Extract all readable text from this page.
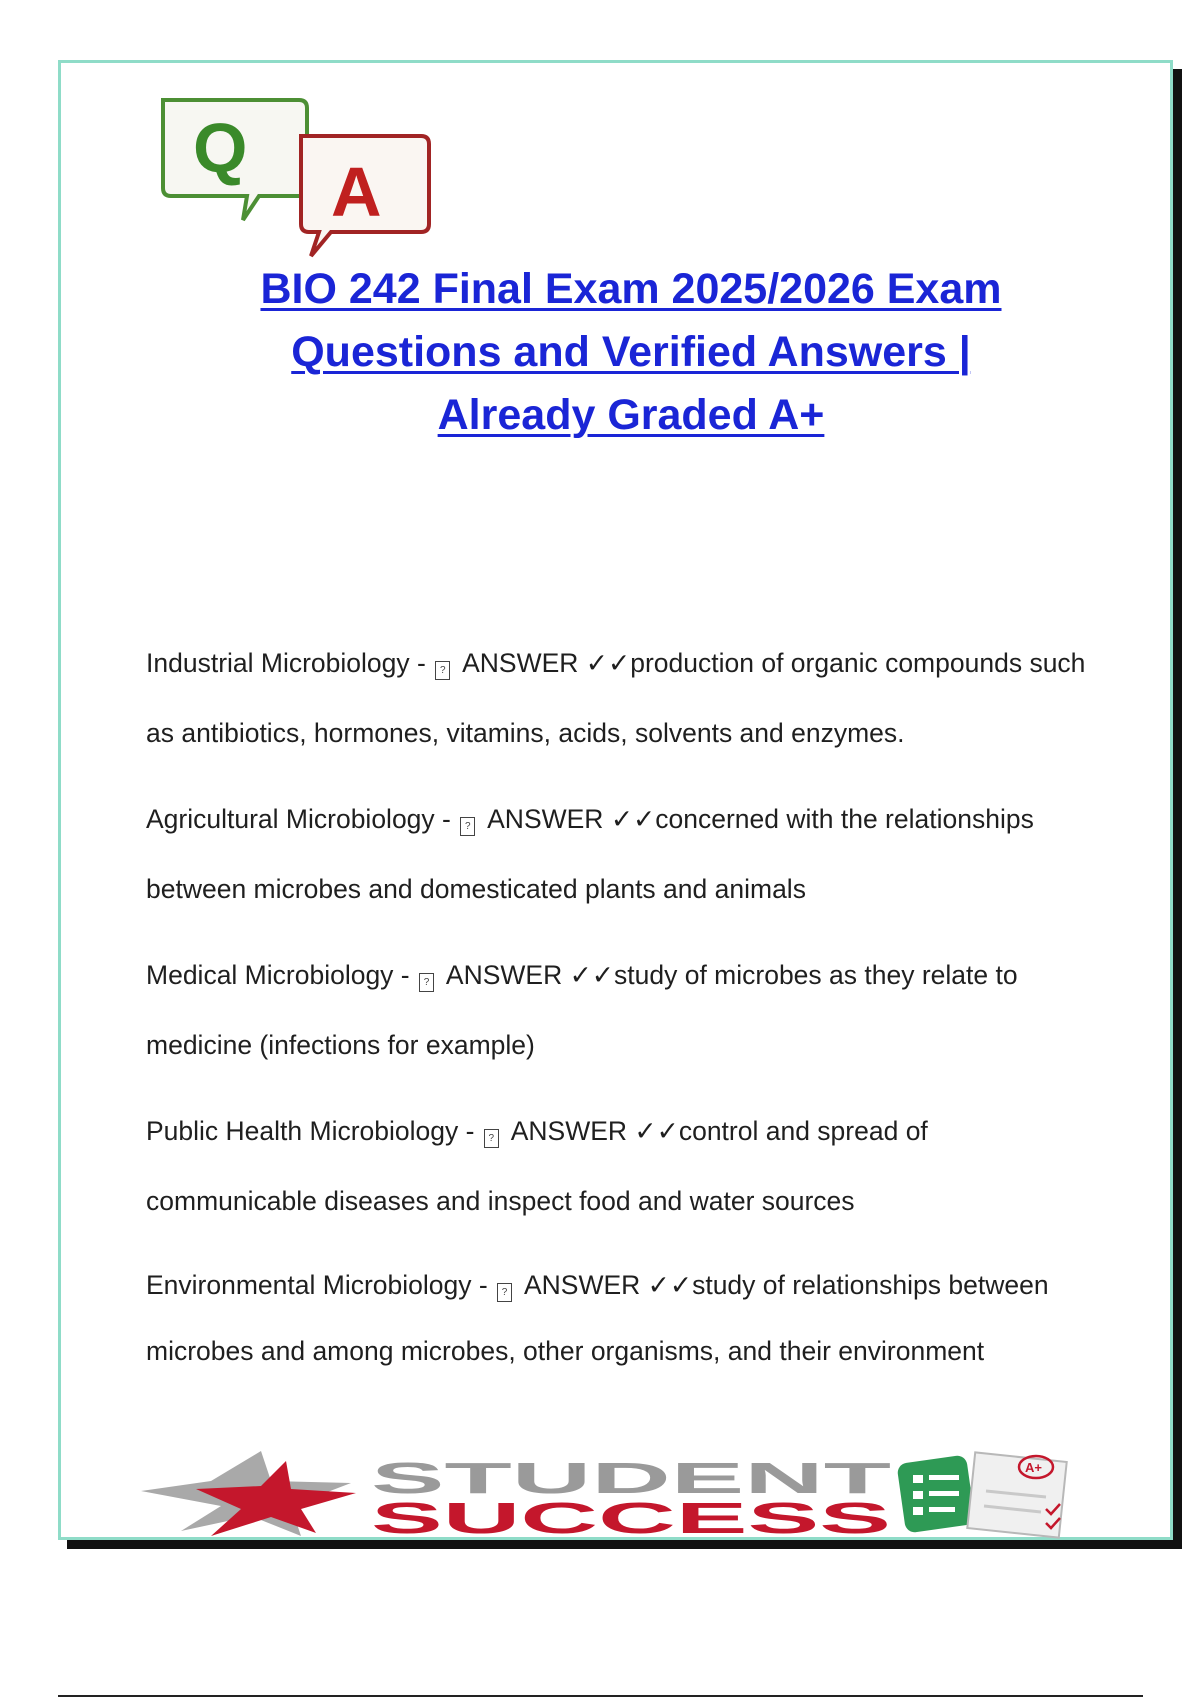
Q
A
BIO 242 Final Exam 2025/2026 Exam
Questions and Verified Answers |
Already Graded A+
Industrial Microbiology - ? ANSWER ✓✓production of organic compounds such as antibiotics, hormones, vitamins, acids, solvents and enzymes.
Agricultural Microbiology - ? ANSWER ✓✓concerned with the relationships between microbes and domesticated plants and animals
Medical Microbiology - ? ANSWER ✓✓study of microbes as they relate to medicine (infections for example)
Public Health Microbiology - ? ANSWER ✓✓control and spread of communicable diseases and inspect food and water sources
Environmental Microbiology - ? ANSWER ✓✓study of relationships between microbes and among microbes, other organisms, and their environment
STUDENT
SUCCESS
A+
